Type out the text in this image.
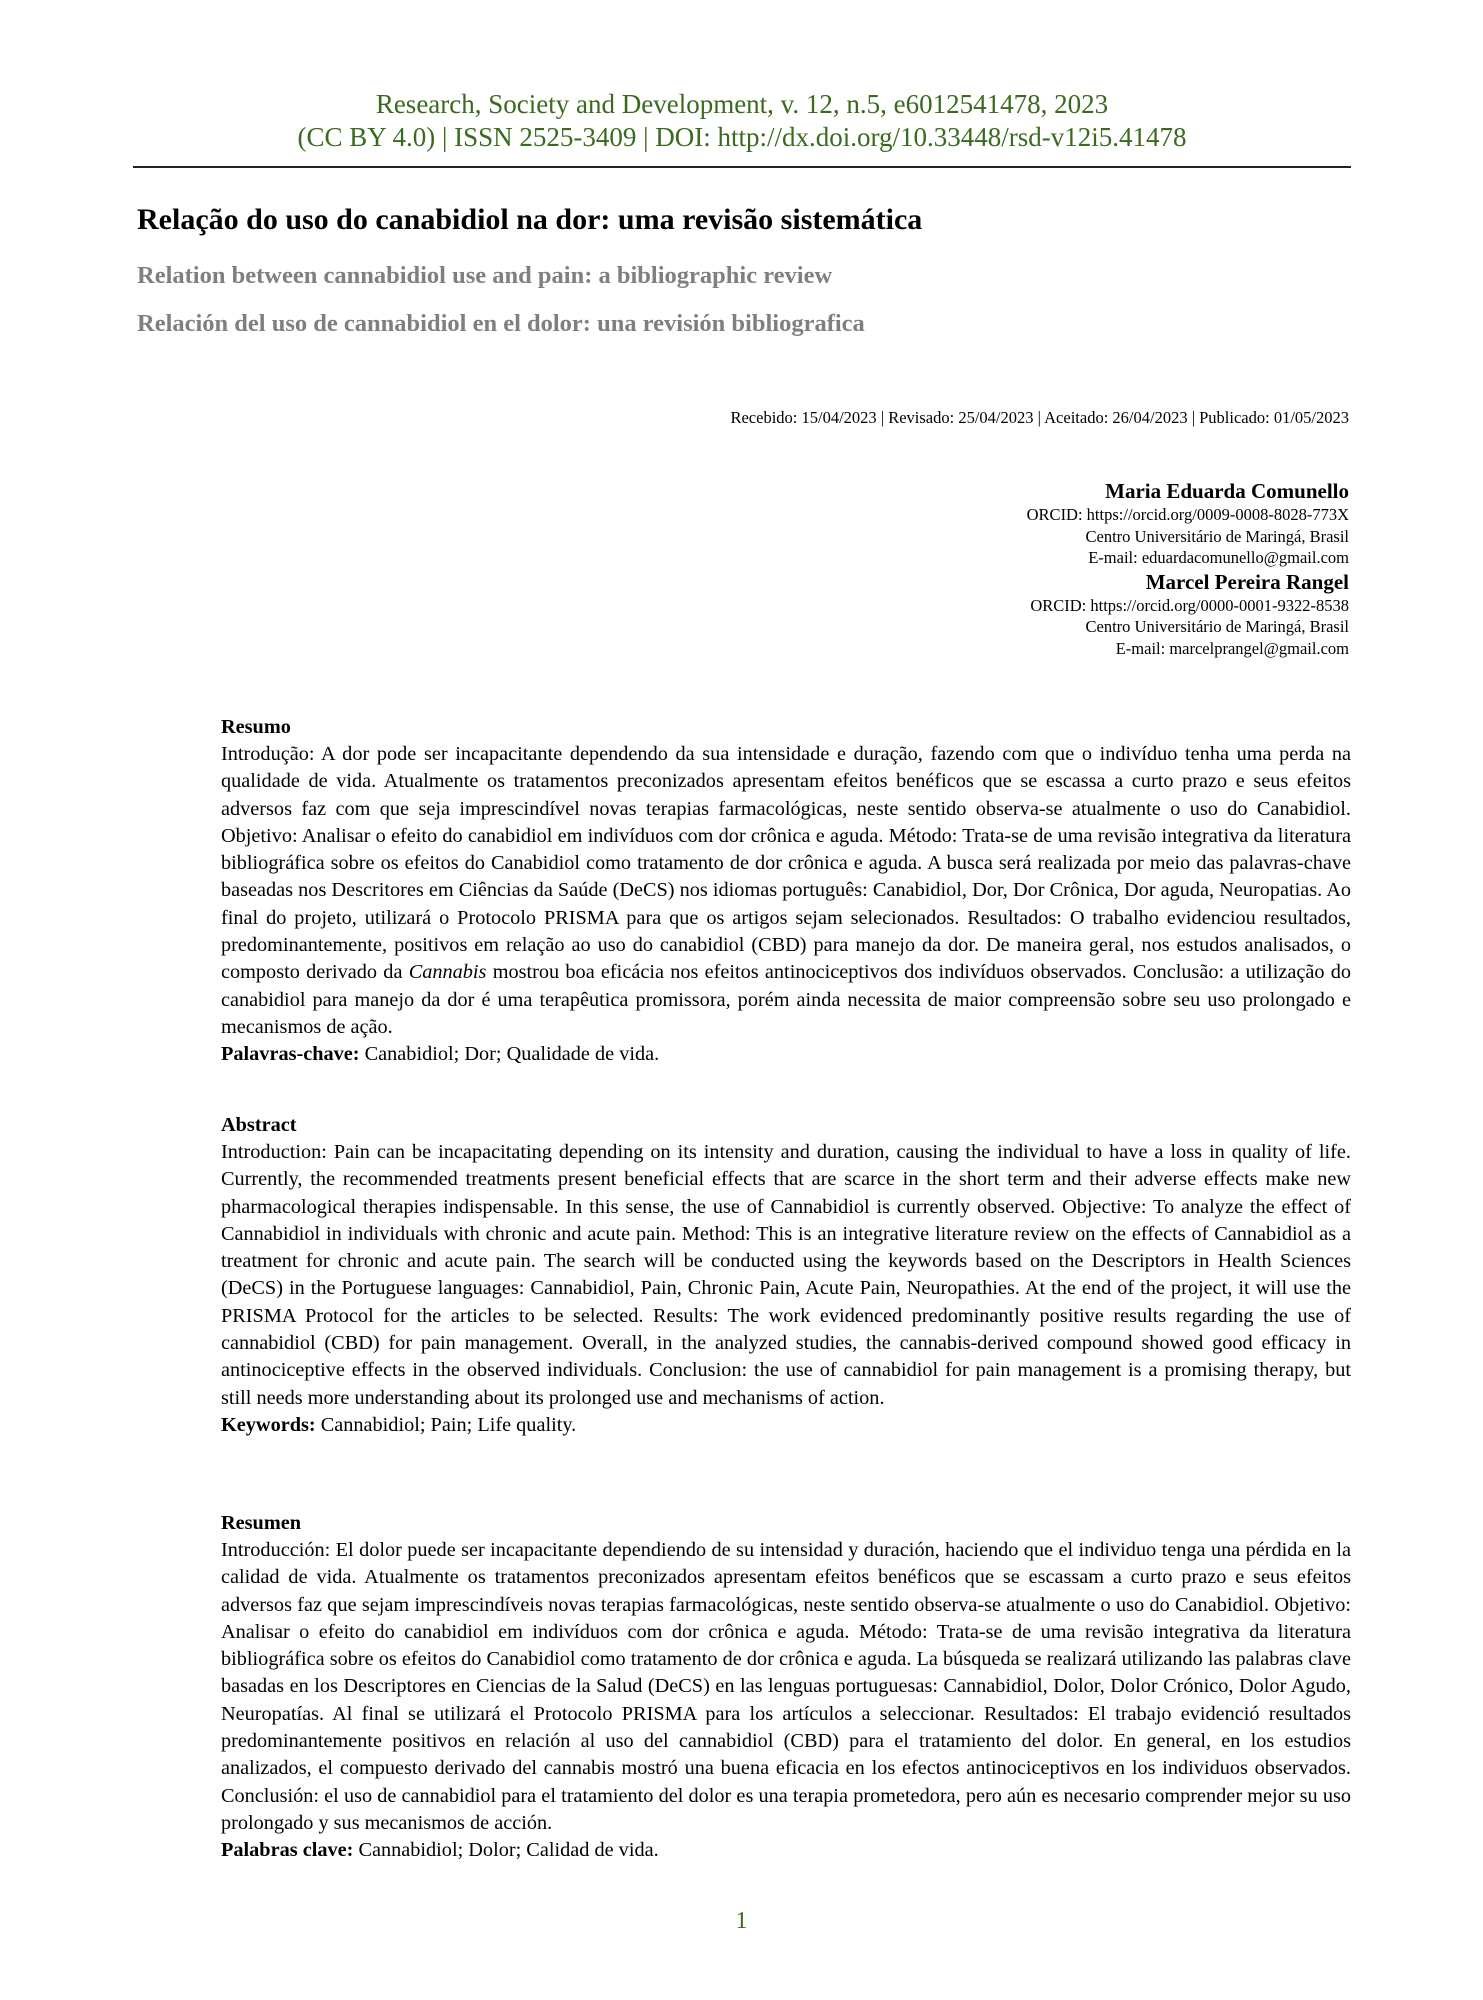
Research, Society and Development, v. 12, n.5, e6012541478, 2023
(CC BY 4.0) | ISSN 2525-3409 | DOI: http://dx.doi.org/10.33448/rsd-v12i5.41478
Relação do uso do canabidiol na dor: uma revisão sistemática
Relation between cannabidiol use and pain: a bibliographic review
Relación del uso de cannabidiol en el dolor: una revisión bibliografica
Recebido: 15/04/2023 | Revisado: 25/04/2023 | Aceitado: 26/04/2023 | Publicado: 01/05/2023
Maria Eduarda Comunello
ORCID: https://orcid.org/0009-0008-8028-773X
Centro Universitário de Maringá, Brasil
E-mail: eduardacomunello@gmail.com
Marcel Pereira Rangel
ORCID: https://orcid.org/0000-0001-9322-8538
Centro Universitário de Maringá, Brasil
E-mail: marcelprangel@gmail.com
Resumo

Introdução: A dor pode ser incapacitante dependendo da sua intensidade e duração, fazendo com que o indivíduo tenha uma perda na qualidade de vida. Atualmente os tratamentos preconizados apresentam efeitos benéficos que se escassa a curto prazo e seus efeitos adversos faz com que seja imprescindível novas terapias farmacológicas, neste sentido observa-se atualmente o uso do Canabidiol. Objetivo: Analisar o efeito do canabidiol em indivíduos com dor crônica e aguda. Método: Trata-se de uma revisão integrativa da literatura bibliográfica sobre os efeitos do Canabidiol como tratamento de dor crônica e aguda. A busca será realizada por meio das palavras-chave baseadas nos Descritores em Ciências da Saúde (DeCS) nos idiomas português: Canabidiol, Dor, Dor Crônica, Dor aguda, Neuropatias. Ao final do projeto, utilizará o Protocolo PRISMA para que os artigos sejam selecionados. Resultados: O trabalho evidenciou resultados, predominantemente, positivos em relação ao uso do canabidiol (CBD) para manejo da dor. De maneira geral, nos estudos analisados, o composto derivado da Cannabis mostrou boa eficácia nos efeitos antinociceptivos dos indivíduos observados. Conclusão: a utilização do canabidiol para manejo da dor é uma terapêutica promissora, porém ainda necessita de maior compreensão sobre seu uso prolongado e mecanismos de ação.

Palavras-chave: Canabidiol; Dor; Qualidade de vida.

Abstract

Introduction: Pain can be incapacitating depending on its intensity and duration, causing the individual to have a loss in quality of life. Currently, the recommended treatments present beneficial effects that are scarce in the short term and their adverse effects make new pharmacological therapies indispensable. In this sense, the use of Cannabidiol is currently observed. Objective: To analyze the effect of Cannabidiol in individuals with chronic and acute pain. Method: This is an integrative literature review on the effects of Cannabidiol as a treatment for chronic and acute pain. The search will be conducted using the keywords based on the Descriptors in Health Sciences (DeCS) in the Portuguese languages: Cannabidiol, Pain, Chronic Pain, Acute Pain, Neuropathies. At the end of the project, it will use the PRISMA Protocol for the articles to be selected. Results: The work evidenced predominantly positive results regarding the use of cannabidiol (CBD) for pain management. Overall, in the analyzed studies, the cannabis-derived compound showed good efficacy in antinociceptive effects in the observed individuals. Conclusion: the use of cannabidiol for pain management is a promising therapy, but still needs more understanding about its prolonged use and mechanisms of action.

Keywords: Cannabidiol; Pain; Life quality.

Resumen

Introducción: El dolor puede ser incapacitante dependiendo de su intensidad y duración, haciendo que el individuo tenga una pérdida en la calidad de vida. Atualmente os tratamentos preconizados apresentam efeitos benéficos que se escassam a curto prazo e seus efeitos adversos faz que sejam imprescindíveis novas terapias farmacológicas, neste sentido observa-se atualmente o uso do Canabidiol. Objetivo: Analisar o efeito do canabidiol em indivíduos com dor crônica e aguda. Método: Trata-se de uma revisão integrativa da literatura bibliográfica sobre os efeitos do Canabidiol como tratamento de dor crônica e aguda. La búsqueda se realizará utilizando las palabras clave basadas en los Descriptores en Ciencias de la Salud (DeCS) en las lenguas portuguesas: Cannabidiol, Dolor, Dolor Crónico, Dolor Agudo, Neuropatías. Al final se utilizará el Protocolo PRISMA para los artículos a seleccionar. Resultados: El trabajo evidenció resultados predominantemente positivos en relación al uso del cannabidiol (CBD) para el tratamiento del dolor. En general, en los estudios analizados, el compuesto derivado del cannabis mostró una buena eficacia en los efectos antinociceptivos en los individuos observados. Conclusión: el uso de cannabidiol para el tratamiento del dolor es una terapia prometedora, pero aún es necesario comprender mejor su uso prolongado y sus mecanismos de acción.

Palabras clave: Cannabidiol; Dolor; Calidad de vida.

1
